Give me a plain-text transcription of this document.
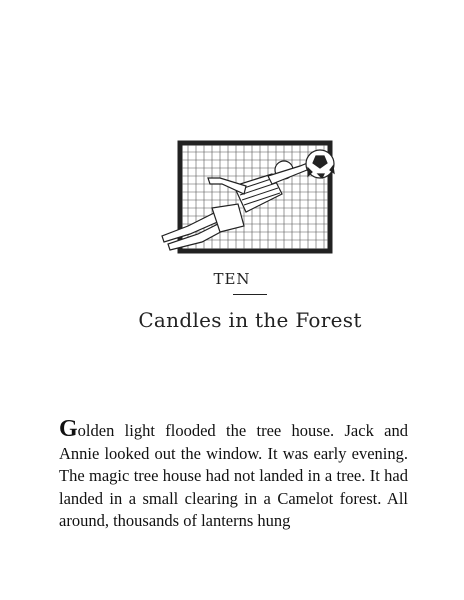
TEN
Candles in the Forest
Golden light flooded the tree house. Jack and Annie looked out the window. It was early evening. The magic tree house had not landed in a tree. It had landed in a small clearing in a Camelot forest. All around, thousands of lanterns hung
